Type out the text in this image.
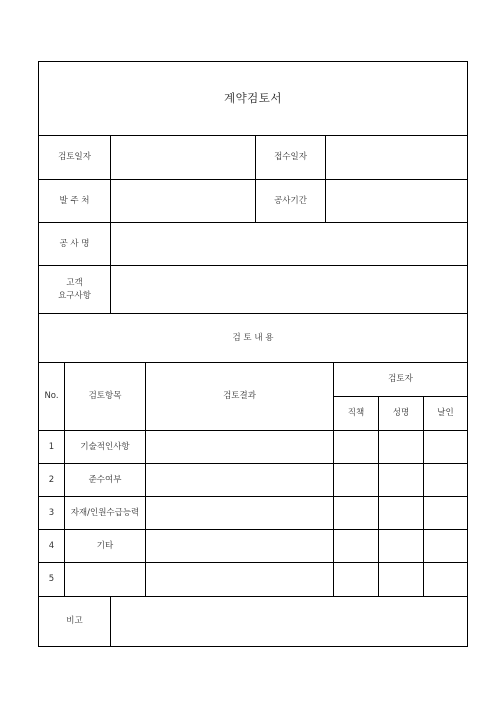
계약검토서
검토일자	접수일자
발 주 처	공사기간
공 사 명
고객
요구사항
검 토 내 용
No.	검토항목	검토결과
검토자
직책	성명	날인
1	기술적인사항
2	준수여부
3	자재/인원수급능력
4	기타
5
비고
